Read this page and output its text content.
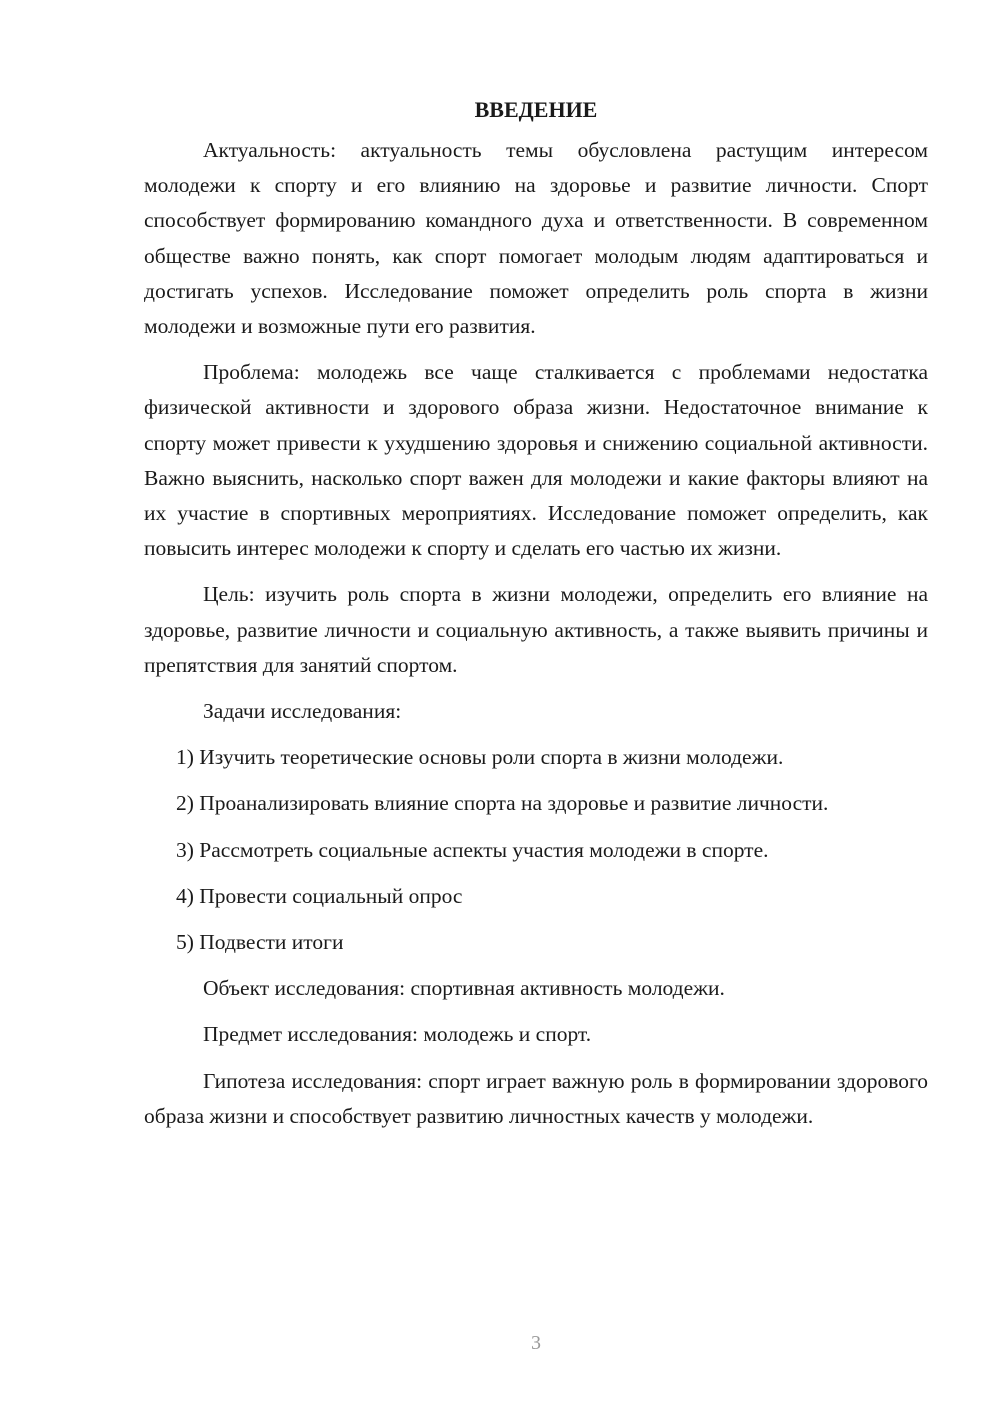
ВВЕДЕНИЕ

Актуальность: актуальность темы обусловлена растущим интересом молодежи к спорту и его влиянию на здоровье и развитие личности. Спорт способствует формированию командного духа и ответственности. В современном обществе важно понять, как спорт помогает молодым людям адаптироваться и достигать успехов. Исследование поможет определить роль спорта в жизни молодежи и возможные пути его развития.

Проблема: молодежь все чаще сталкивается с проблемами недостатка физической активности и здорового образа жизни. Недостаточное внимание к спорту может привести к ухудшению здоровья и снижению социальной активности. Важно выяснить, насколько спорт важен для молодежи и какие факторы влияют на их участие в спортивных мероприятиях. Исследование поможет определить, как повысить интерес молодежи к спорту и сделать его частью их жизни.

Цель: изучить роль спорта в жизни молодежи, определить его влияние на здоровье, развитие личности и социальную активность, а также выявить причины и препятствия для занятий спортом.

Задачи исследования:

1) Изучить теоретические основы роли спорта в жизни молодежи.

2) Проанализировать влияние спорта на здоровье и развитие личности.

3) Рассмотреть социальные аспекты участия молодежи в спорте.

4) Провести социальный опрос

5) Подвести итоги

Объект исследования: спортивная активность молодежи.

Предмет исследования: молодежь и спорт.

Гипотеза исследования: спорт играет важную роль в формировании здорового образа жизни и способствует развитию личностных качеств у молодежи.

3
